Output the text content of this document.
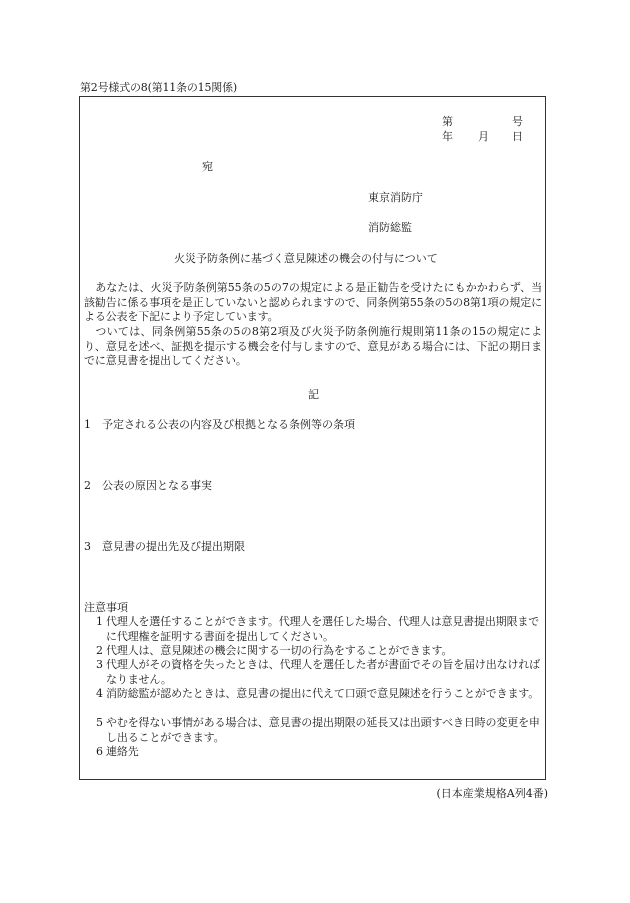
第2号様式の8(第11条の15関係)
第	号
年 月 日
宛
東京消防庁
消防総監
火災予防条例に基づく意見陳述の機会の付与について
あなたは、火災予防条例第55条の5の7の規定による是正勧告を受けたにもかかわらず、当該勧告に係る事項を是正していないと認められますので、同条例第55条の5の8第1項の規定による公表を下記により予定しています。
ついては、同条例第55条の5の8第2項及び火災予防条例施行規則第11条の15の規定により、意見を述べ、証拠を提示する機会を付与しますので、意見がある場合には、下記の期日までに意見書を提出してください。
記
1　予定される公表の内容及び根拠となる条例等の条項
2　公表の原因となる事実
3　意見書の提出先及び提出期限
注意事項
1 代理人を選任することができます。代理人を選任した場合、代理人は意見書提出期限までに代理権を証明する書面を提出してください。
2 代理人は、意見陳述の機会に関する一切の行為をすることができます。
3 代理人がその資格を失ったときは、代理人を選任した者が書面でその旨を届け出なければなりません。
4 消防総監が認めたときは、意見書の提出に代えて口頭で意見陳述を行うことができます。
5 やむを得ない事情がある場合は、意見書の提出期限の延長又は出頭すべき日時の変更を申し出ることができます。
6 連絡先
(日本産業規格A列4番)
